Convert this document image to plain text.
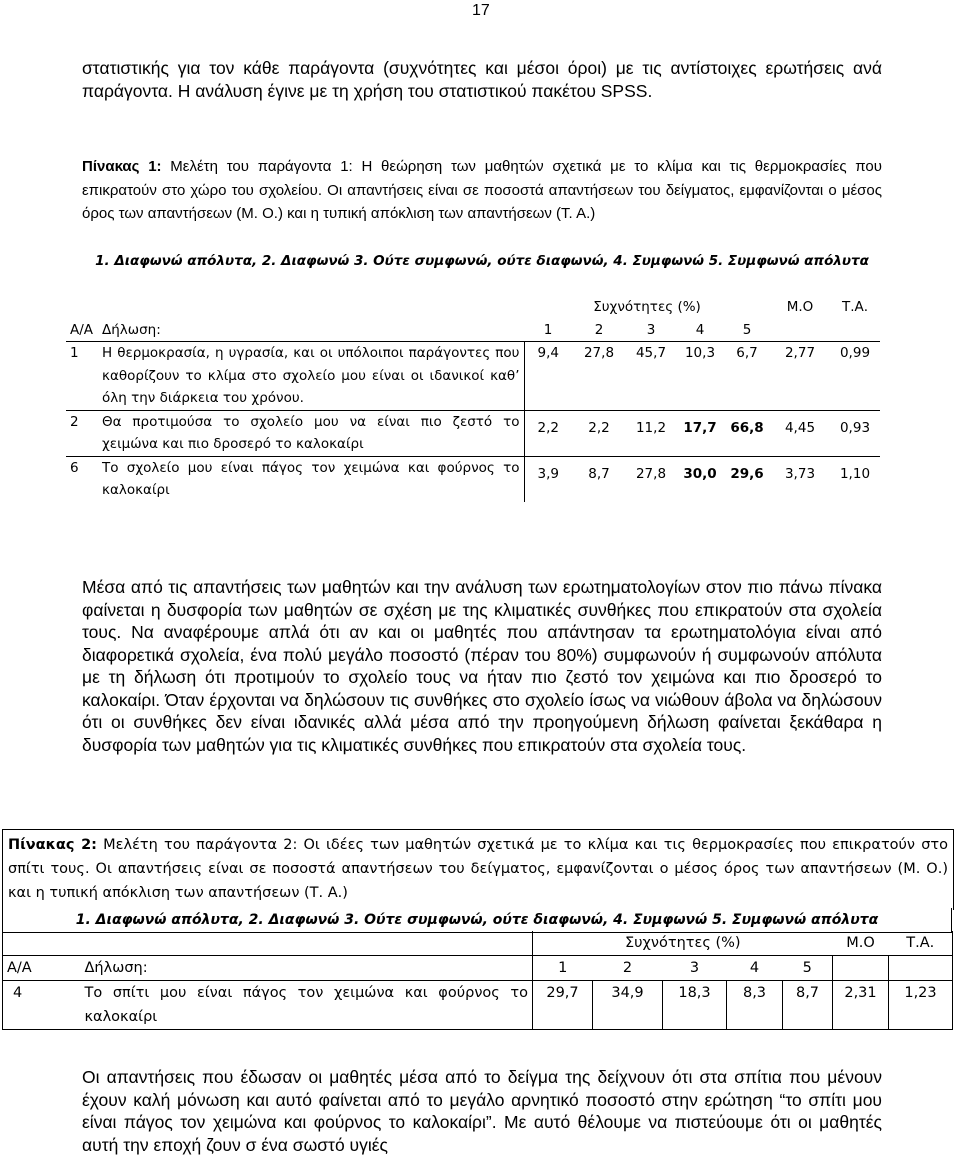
17
στατιστικής για τον κάθε παράγοντα (συχνότητες και μέσοι όροι) με τις αντίστοιχες ερωτήσεις ανά παράγοντα. Η ανάλυση έγινε με τη χρήση του στατιστικού πακέτου SPSS.
Πίνακας 1: Μελέτη του παράγοντα 1: Η θεώρηση των μαθητών σχετικά με το κλίμα και τις θερμοκρασίες που επικρατούν στο χώρο του σχολείου. Οι απαντήσεις είναι σε ποσοστά απαντήσεων του δείγματος, εμφανίζονται ο μέσος όρος των απαντήσεων (Μ. Ο.) και η τυπική απόκλιση των απαντήσεων (Τ. Α.)
1. Διαφωνώ απόλυτα, 2. Διαφωνώ 3. Ούτε συμφωνώ, ούτε διαφωνώ, 4. Συμφωνώ 5. Συμφωνώ απόλυτα
		Συχνότητες (%)					Μ.Ο	Τ.Α.
Α/Α	Δήλωση:	1	2	3	4	5		
1	Η θερμοκρασία, η υγρασία, και οι υπόλοιποι παράγοντες που καθορίζουν το κλίμα στο σχολείο μου είναι οι ιδανικοί καθ’ όλη την διάρκεια του χρόνου.	9,4	27,8	45,7	10,3	6,7	2,77	0,99
2	Θα προτιμούσα το σχολείο μου να είναι πιο ζεστό το χειμώνα και πιο δροσερό το καλοκαίρι	2,2	2,2	11,2	17,7	66,8	4,45	0,93
6	Το σχολείο μου είναι πάγος τον χειμώνα και φούρνος το καλοκαίρι	3,9	8,7	27,8	30,0	29,6	3,73	1,10
Μέσα από τις απαντήσεις των μαθητών και την ανάλυση των ερωτηματολογίων στον πιο πάνω πίνακα φαίνεται η δυσφορία των μαθητών σε σχέση με της κλιματικές συνθήκες που επικρατούν στα σχολεία τους. Να αναφέρουμε απλά ότι αν και οι μαθητές που απάντησαν τα ερωτηματολόγια είναι από διαφορετικά σχολεία, ένα πολύ μεγάλο ποσοστό (πέραν του 80%) συμφωνούν ή συμφωνούν απόλυτα με τη δήλωση ότι προτιμούν το σχολείο τους να ήταν πιο ζεστό τον χειμώνα και πιο δροσερό το καλοκαίρι. Όταν έρχονται να δηλώσουν τις συνθήκες στο σχολείο ίσως να νιώθουν άβολα να δηλώσουν ότι οι συνθήκες δεν είναι ιδανικές αλλά μέσα από την προηγούμενη δήλωση φαίνεται ξεκάθαρα η δυσφορία των μαθητών για τις κλιματικές συνθήκες που επικρατούν στα σχολεία τους.
Πίνακας 2: Μελέτη του παράγοντα 2: Οι ιδέες των μαθητών σχετικά με το κλίμα και τις θερμοκρασίες που επικρατούν στο σπίτι τους. Οι απαντήσεις είναι σε ποσοστά απαντήσεων του δείγματος, εμφανίζονται ο μέσος όρος των απαντήσεων (Μ. Ο.) και η τυπική απόκλιση των απαντήσεων (Τ. Α.)
1. Διαφωνώ απόλυτα, 2. Διαφωνώ 3. Ούτε συμφωνώ, ούτε διαφωνώ, 4. Συμφωνώ 5. Συμφωνώ απόλυτα
		Συχνότητες (%)					Μ.Ο	Τ.Α.
Α/Α	Δήλωση:	1	2	3	4	5		
4	Το σπίτι μου είναι πάγος τον χειμώνα και φούρνος το καλοκαίρι	29,7	34,9	18,3	8,3	8,7	2,31	1,23
Οι απαντήσεις που έδωσαν οι μαθητές μέσα από το δείγμα της δείχνουν ότι στα σπίτια που μένουν έχουν καλή μόνωση και αυτό φαίνεται από το μεγάλο αρνητικό ποσοστό στην ερώτηση “το σπίτι μου είναι πάγος τον χειμώνα και φούρνος το καλοκαίρι”. Με αυτό θέλουμε να πιστεύουμε ότι οι μαθητές αυτή την εποχή ζουν σ ένα σωστό υγιές
